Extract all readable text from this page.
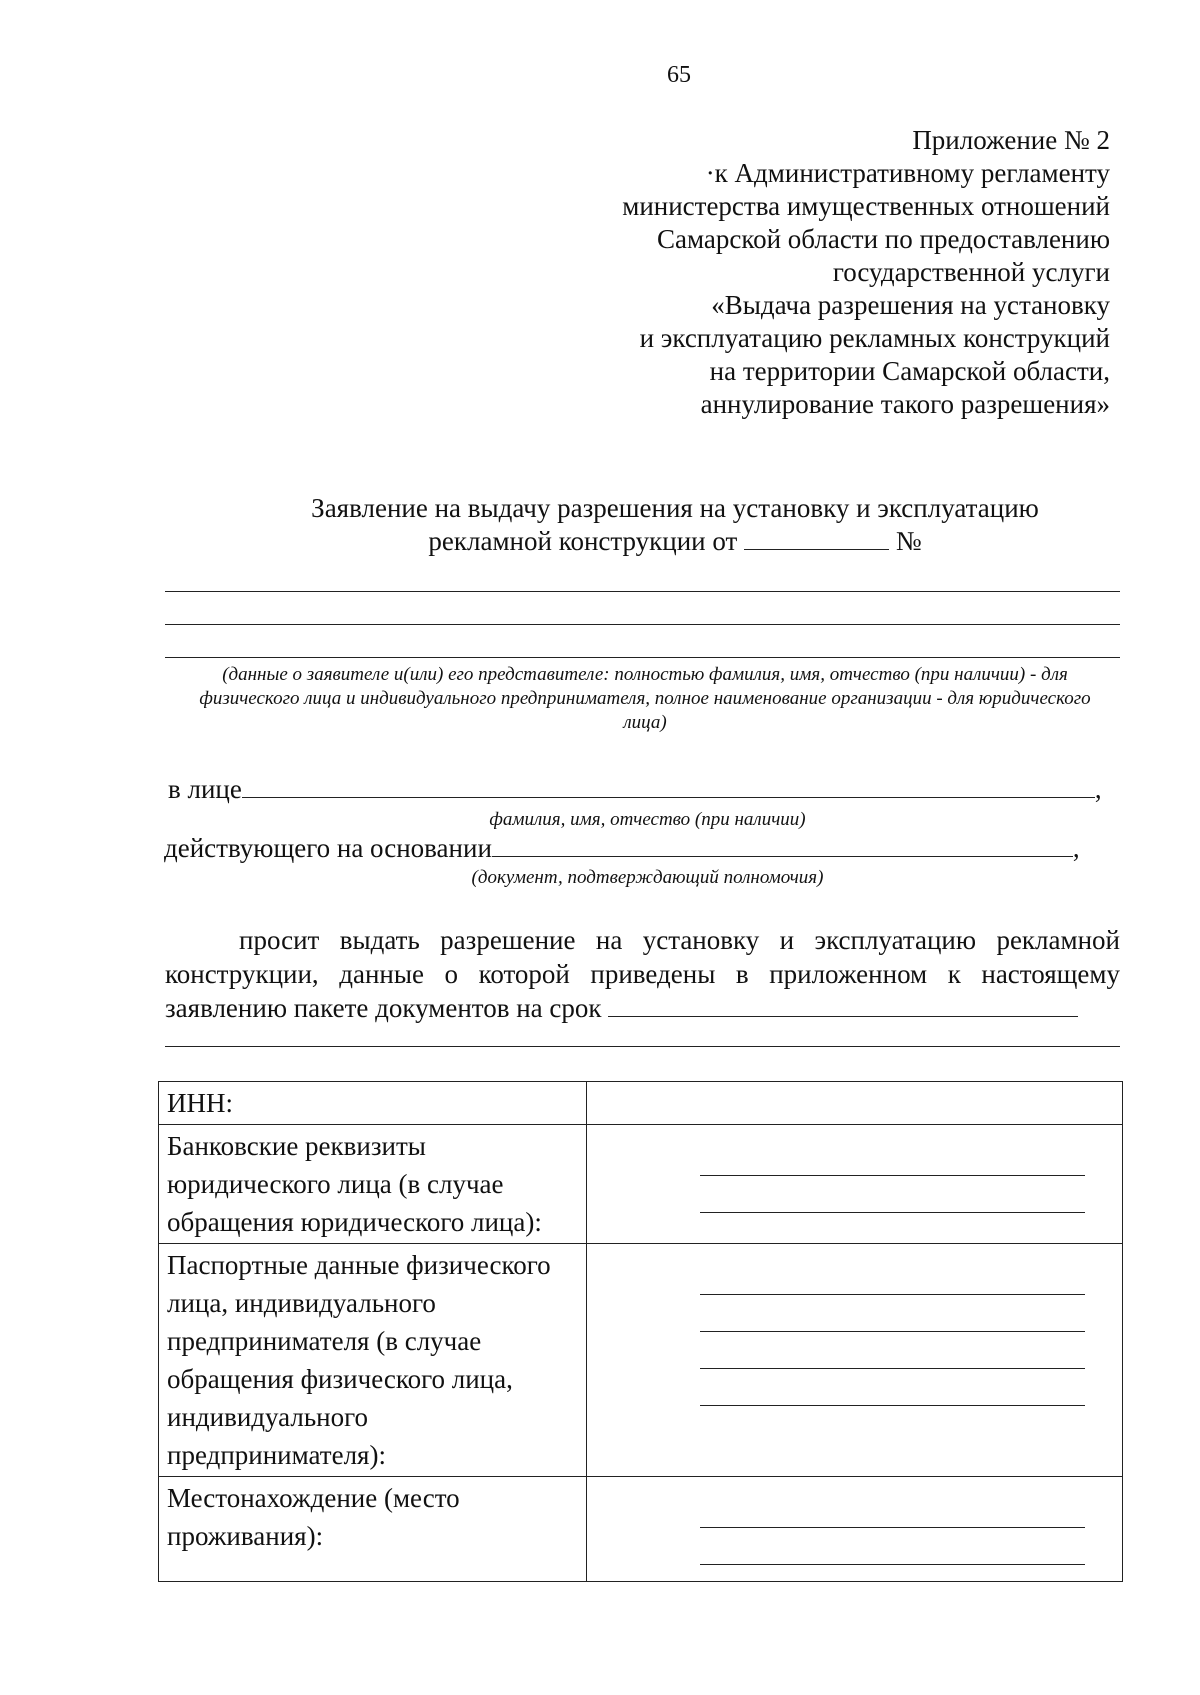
65
Приложение № 2
·к Административному регламенту
министерства имущественных отношений
Самарской области по предоставлению
государственной услуги
«Выдача разрешения на установку
и эксплуатацию рекламных конструкций
на территории Самарской области,
аннулирование такого разрешения»
Заявление на выдачу разрешения на установку и эксплуатацию
рекламной конструкции от	№
(данные о заявителе и(или) его представителе: полностью фамилия, имя, отчество (при наличии) - для физического лица и индивидуального предпринимателя, полное наименование организации - для юридического лица)
в лице	,
фамилия, имя, отчество (при наличии)
действующего на основании	,
(документ, подтверждающий полномочия)
просит выдать разрешение на установку и эксплуатацию рекламной конструкции, данные о которой приведены в приложенном к настоящему заявлению пакете документов на срок
ИНН:	
Банковские реквизиты юридического лица (в случае обращения юридического лица):	

Паспортные данные физического лица, индивидуального предпринимателя (в случае обращения физического лица, индивидуального предпринимателя):	

Местонахождение (место проживания):	
